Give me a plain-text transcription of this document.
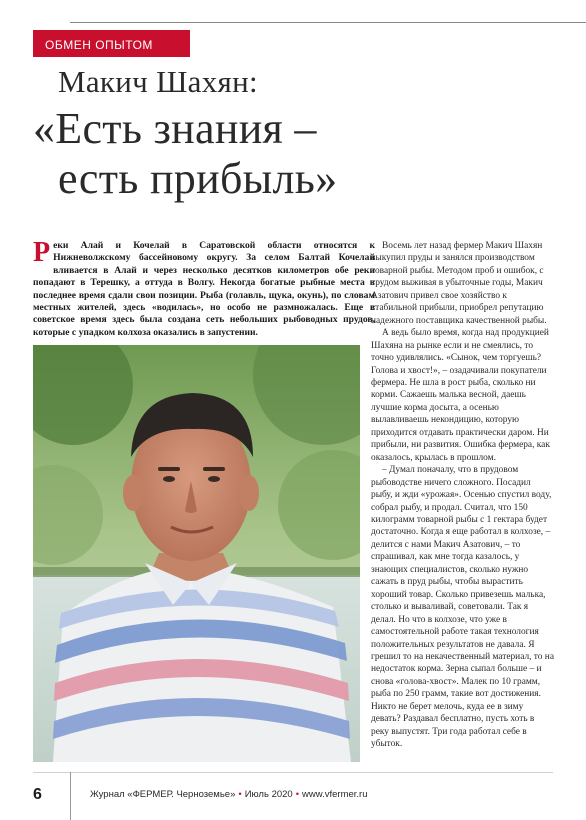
ОБМЕН ОПЫТОМ
Макич Шахян:
«Есть знания –
есть прибыль»
Реки Алай и Кочелай в Саратовской области относятся к Нижневолжскому бассейновому округу. За селом Балтай Кочелай вливается в Алай и через несколько десятков километров обе реки попадают в Терешку, а оттуда в Волгу. Некогда богатые рыбные места в последнее время сдали свои позиции. Рыба (голавль, щука, окунь), по словам местных жителей, здесь «водилась», но особо не размножалась. Еще в советское время здесь была создана сеть небольших рыбоводных прудов, которые с упадком колхоза оказались в запустении.

Восемь лет назад фермер Макич Шахян выкупил пруды и занялся производством товарной рыбы. Методом проб и ошибок, с трудом выживая в убыточные годы, Макич Азатович привел свое хозяйство к стабильной прибыли, приобрел репутацию надежного поставщика качественной рыбы.

А ведь было время, когда над продукцией Шахяна на рынке если и не смеялись, то точно удивлялись. «Сынок, чем торгуешь? Голова и хвост!», – озадачивали покупатели фермера. Не шла в рост рыба, сколько ни корми. Сажаешь малька весной, даешь лучшие корма досыта, а осенью вылавливаешь некондицию, которую приходится отдавать практически даром. Ни прибыли, ни развития. Ошибка фермера, как оказалось, крылась в прошлом.

– Думал поначалу, что в прудовом рыбоводстве ничего сложного. Посадил рыбу, и жди «урожая». Осенью спустил воду, собрал рыбу, и продал. Считал, что 150 килограмм товарной рыбы с 1 гектара будет достаточно. Когда я еще работал в колхозе, – делится с нами Макич Азатович, – то спрашивал, как мне тогда казалось, у знающих специалистов, сколько нужно сажать в пруд рыбы, чтобы вырастить хороший товар. Сколько привезешь малька, столько и вываливай, советовали. Так я делал. Но что в колхозе, что уже в самостоятельной работе такая технология положительных результатов не давала. Я грешил то на некачественный материал, то на недостаток корма. Зерна сыпал больше – и снова «голова-хвост». Малек по 10 грамм, рыба по 250 грамм, такие вот достижения. Никто не берет мелочь, куда ее в зиму девать? Раздавал бесплатно, пусть хоть в реку выпустят. Три года работал себе в убыток.

6	Журнал «ФЕРМЕР. Черноземье» • Июль 2020 • www.vfermer.ru
